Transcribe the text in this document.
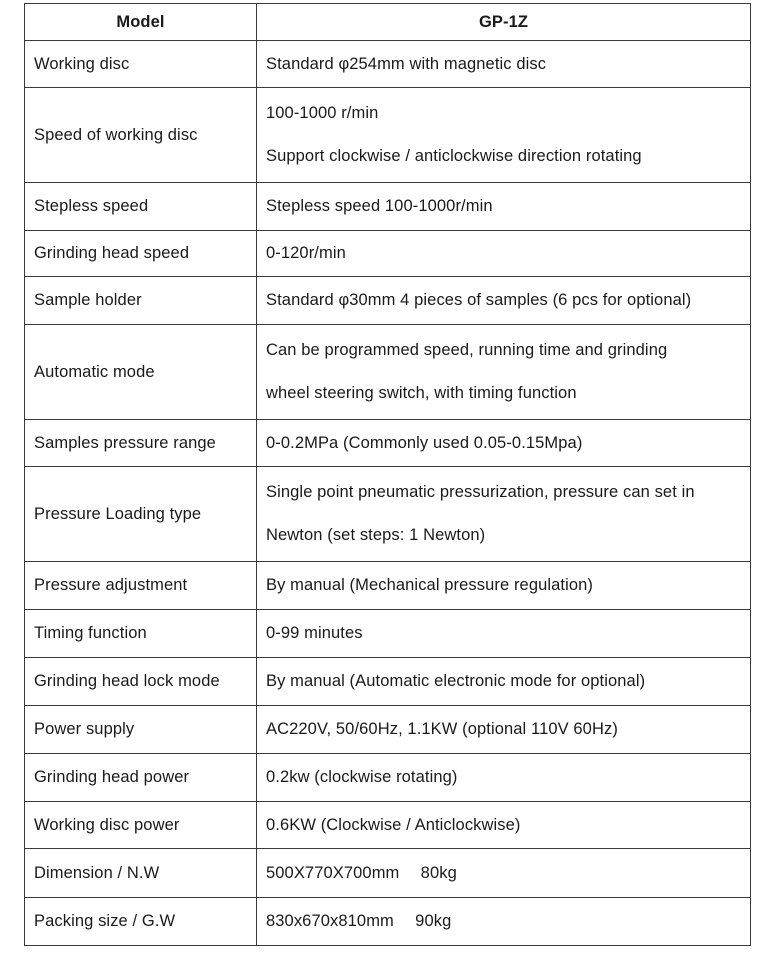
Model	GP-1Z
Working disc	Standard φ254mm with magnetic disc

Speed of working disc	100-1000 r/min
Support clockwise / anticlockwise direction rotating

Stepless speed	Stepless speed 100-1000r/min

Grinding head speed	0-120r/min

Sample holder	Standard φ30mm 4 pieces of samples (6 pcs for optional)

Automatic mode	Can be programmed speed, running time and grinding
wheel steering switch, with timing function

Samples pressure range	0-0.2MPa (Commonly used 0.05-0.15Mpa)

Pressure Loading type	Single point pneumatic pressurization, pressure can set in
Newton (set steps: 1 Newton)

Pressure adjustment	By manual (Mechanical pressure regulation)

Timing function	0-99 minutes

Grinding head lock mode	By manual (Automatic electronic mode for optional)

Power supply	AC220V, 50/60Hz, 1.1KW (optional 110V 60Hz)

Grinding head power	0.2kw (clockwise rotating)

Working disc power	0.6KW (Clockwise / Anticlockwise)

Dimension / N.W	500X770X700mm  80kg

Packing size / G.W	830x670x810mm  90kg
